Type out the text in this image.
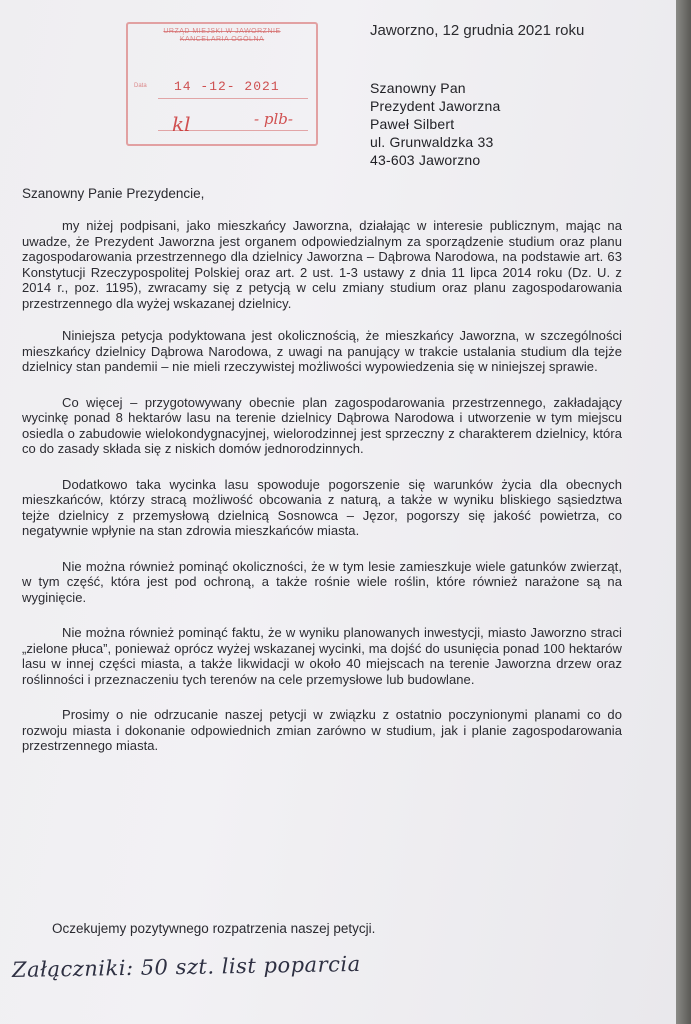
URZĄD MIEJSKI W JAWORZNIE
KANCELARIA OGÓLNA
Data 14 -12- 2021
kl	- plb-
Jaworzno, 12 grudnia 2021 roku
Szanowny Pan
Prezydent Jaworzna
Paweł Silbert
ul. Grunwaldzka 33
43-603 Jaworzno
Szanowny Panie Prezydencie,

my niżej podpisani, jako mieszkańcy Jaworzna, działając w interesie publicznym, mając na uwadze, że Prezydent Jaworzna jest organem odpowiedzialnym za sporządzenie studium oraz planu zagospodarowania przestrzennego dla dzielnicy Jaworzna – Dąbrowa Narodowa, na podstawie art. 63 Konstytucji Rzeczypospolitej Polskiej oraz art. 2 ust. 1-3 ustawy z dnia 11 lipca 2014 roku (Dz. U. z 2014 r., poz. 1195), zwracamy się z petycją w celu zmiany studium oraz planu zagospodarowania przestrzennego dla wyżej wskazanej dzielnicy.

Niniejsza petycja podyktowana jest okolicznością, że mieszkańcy Jaworzna, w szczególności mieszkańcy dzielnicy Dąbrowa Narodowa, z uwagi na panujący w trakcie ustalania studium dla tejże dzielnicy stan pandemii – nie mieli rzeczywistej możliwości wypowiedzenia się w niniejszej sprawie.

Co więcej – przygotowywany obecnie plan zagospodarowania przestrzennego, zakładający wycinkę ponad 8 hektarów lasu na terenie dzielnicy Dąbrowa Narodowa i utworzenie w tym miejscu osiedla o zabudowie wielokondygnacyjnej, wielorodzinnej jest sprzeczny z charakterem dzielnicy, która co do zasady składa się z niskich domów jednorodzinnych.

Dodatkowo taka wycinka lasu spowoduje pogorszenie się warunków życia dla obecnych mieszkańców, którzy stracą możliwość obcowania z naturą, a także w wyniku bliskiego sąsiedztwa tejże dzielnicy z przemysłową dzielnicą Sosnowca – Jęzor, pogorszy się jakość powietrza, co negatywnie wpłynie na stan zdrowia mieszkańców miasta.

Nie można również pominąć okoliczności, że w tym lesie zamieszkuje wiele gatunków zwierząt, w tym część, która jest pod ochroną, a także rośnie wiele roślin, które również narażone są na wyginięcie.

Nie można również pominąć faktu, że w wyniku planowanych inwestycji, miasto Jaworzno straci „zielone płuca”, ponieważ oprócz wyżej wskazanej wycinki, ma dojść do usunięcia ponad 100 hektarów lasu w innej części miasta, a także likwidacji w około 40 miejscach na terenie Jaworzna drzew oraz roślinności i przeznaczeniu tych terenów na cele przemysłowe lub budowlane.

Prosimy o nie odrzucanie naszej petycji w związku z ostatnio poczynionymi planami co do rozwoju miasta i dokonanie odpowiednich zmian zarówno w studium, jak i planie zagospodarowania przestrzennego miasta.

Oczekujemy pozytywnego rozpatrzenia naszej petycji.
Załączniki: 50 szt. list poparcia
